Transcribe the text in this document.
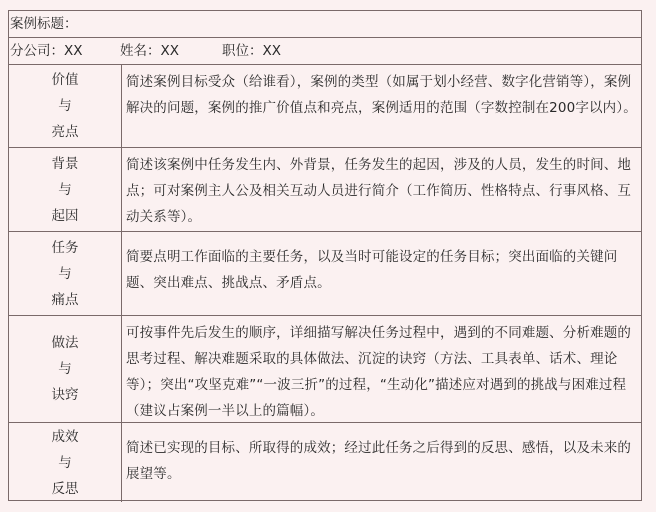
案例标题：
分公司：XX	姓名：XX	职位：XX
价值
与
亮点
简述案例目标受众（给谁看），案例的类型（如属于划小经营、数字化营销等），案例解决的问题，案例的推广价值点和亮点，案例适用的范围（字数控制在200字以内）。
背景
与
起因
简述该案例中任务发生内、外背景，任务发生的起因，涉及的人员，发生的时间、地点；可对案例主人公及相关互动人员进行简介（工作简历、性格特点、行事风格、互动关系等）。
任务
与
痛点
简要点明工作面临的主要任务，以及当时可能设定的任务目标；突出面临的关键问题、突出难点、挑战点、矛盾点。
做法
与
诀窍
可按事件先后发生的顺序，详细描写解决任务过程中，遇到的不同难题、分析难题的思考过程、解决难题采取的具体做法、沉淀的诀窍（方法、工具表单、话术、理论等）；突出“攻坚克难”“一波三折”的过程，“生动化”描述应对遇到的挑战与困难过程（建议占案例一半以上的篇幅）。
成效
与
反思
简述已实现的目标、所取得的成效；经过此任务之后得到的反思、感悟，以及未来的展望等。
